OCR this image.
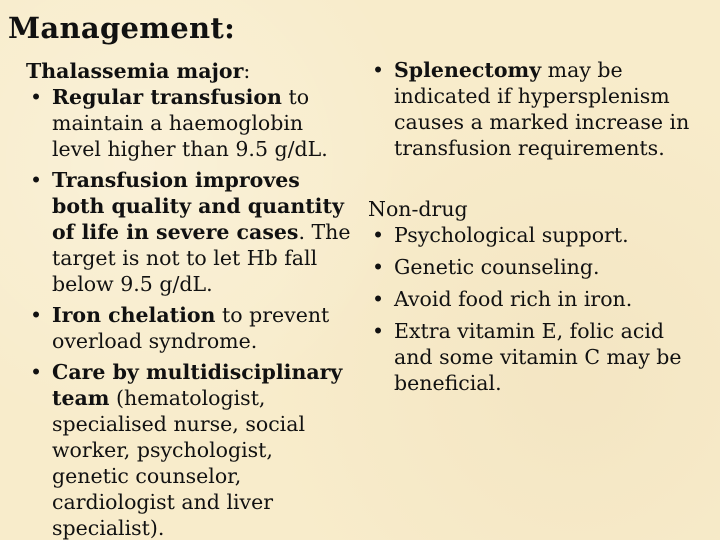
Management:

Thalassemia major:

• Regular transfusion to maintain a haemoglobin level higher than 9.5 g/dL.
• Transfusion improves both quality and quantity of life in severe cases. The target is not to let Hb fall below 9.5 g/dL.
• Iron chelation to prevent overload syndrome.
• Care by multidisciplinary team (hematologist, specialised nurse, social worker, psychologist, genetic counselor, cardiologist and liver specialist).
• Splenectomy may be indicated if hypersplenism causes a marked increase in transfusion requirements.

Non-drug

• Psychological support.
• Genetic counseling.
• Avoid food rich in iron.
• Extra vitamin E, folic acid and some vitamin C may be beneficial.
